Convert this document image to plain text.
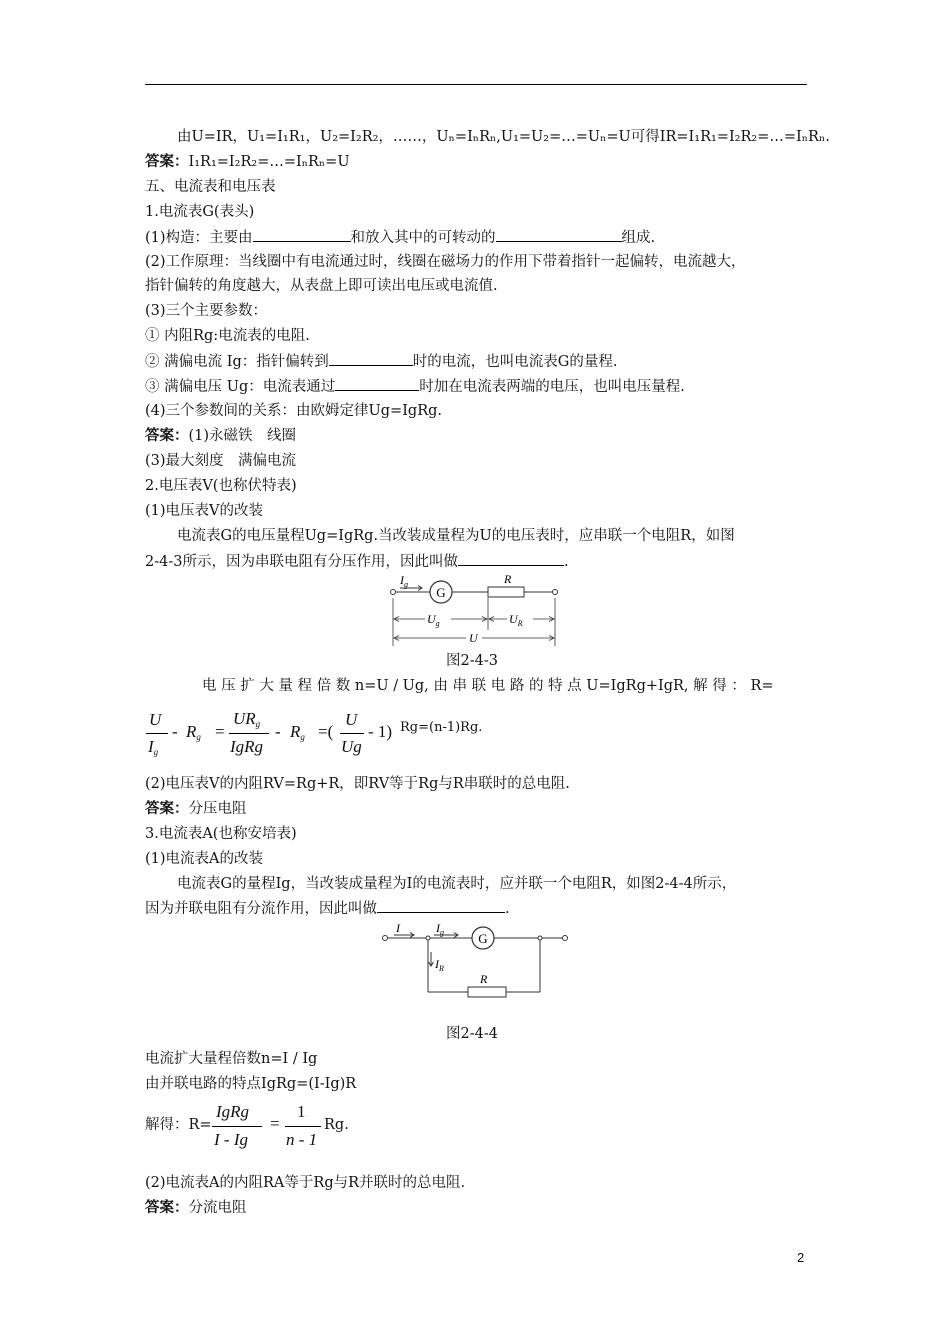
由U=IR，U₁=I₁R₁，U₂=I₂R₂，……，Uₙ=IₙRₙ,U₁=U₂=…=Uₙ=U可得IR=I₁R₁=I₂R₂=…=IₙRₙ.
答案：I₁R₁=I₂R₂=…=IₙRₙ=U
五、电流表和电压表
1.电流表G(表头)
(1)构造：主要由	和放入其中的可转动的	组成.
(2)工作原理：当线圈中有电流通过时，线圈在磁场力的作用下带着指针一起偏转，电流越大，
指针偏转的角度越大，从表盘上即可读出电压或电流值.
(3)三个主要参数：
① 内阻Rg:电流表的电阻.
② 满偏电流 Ig：指针偏转到	时的电流，也叫电流表G的量程.
③ 满偏电压 Ug：电流表通过	时加在电流表两端的电压，也叫电压量程.
(4)三个参数间的关系：由欧姆定律Ug=IgRg.
答案：(1)永磁铁　线圈
(3)最大刻度　满偏电流
2.电压表V(也称伏特表)
(1)电压表V的改装
电流表G的电压量程Ug=IgRg.当改装成量程为U的电压表时，应串联一个电阻R，如图
2-4-3所示，因为串联电阻有分压作用，因此叫做	.
G
$I_g$	R
$U_g$	$U_R$
U
图2-4-3
电 压 扩 大 量 程 倍 数 n=U / Ug, 由 串 联 电 路 的 特 点 U=IgRg+IgR, 解 得 ： R=
U
$I_g$
- $R_g$ =
$UR_g$
IgRg
- $R_g$ =(
U
Ug
- 1) Rg=(n-1)Rg.
(2)电压表V的内阻RV=Rg+R，即RV等于Rg与R串联时的总电阻.
答案：分压电阻
3.电流表A(也称安培表)
(1)电流表A的改装
电流表G的量程Ig，当改装成量程为I的电流表时，应并联一个电阻R，如图2-4-4所示，
因为并联电阻有分流作用，因此叫做	.
G
R
I	$I_g$
$I_R$
图2-4-4
电流扩大量程倍数n=I / Ig
由并联电路的特点IgRg=(I-Ig)R
解得：R=
IgRg
I - Ig
=
1
n - 1
Rg.
(2)电流表A的内阻RA等于Rg与R并联时的总电阻.
答案：分流电阻
2
